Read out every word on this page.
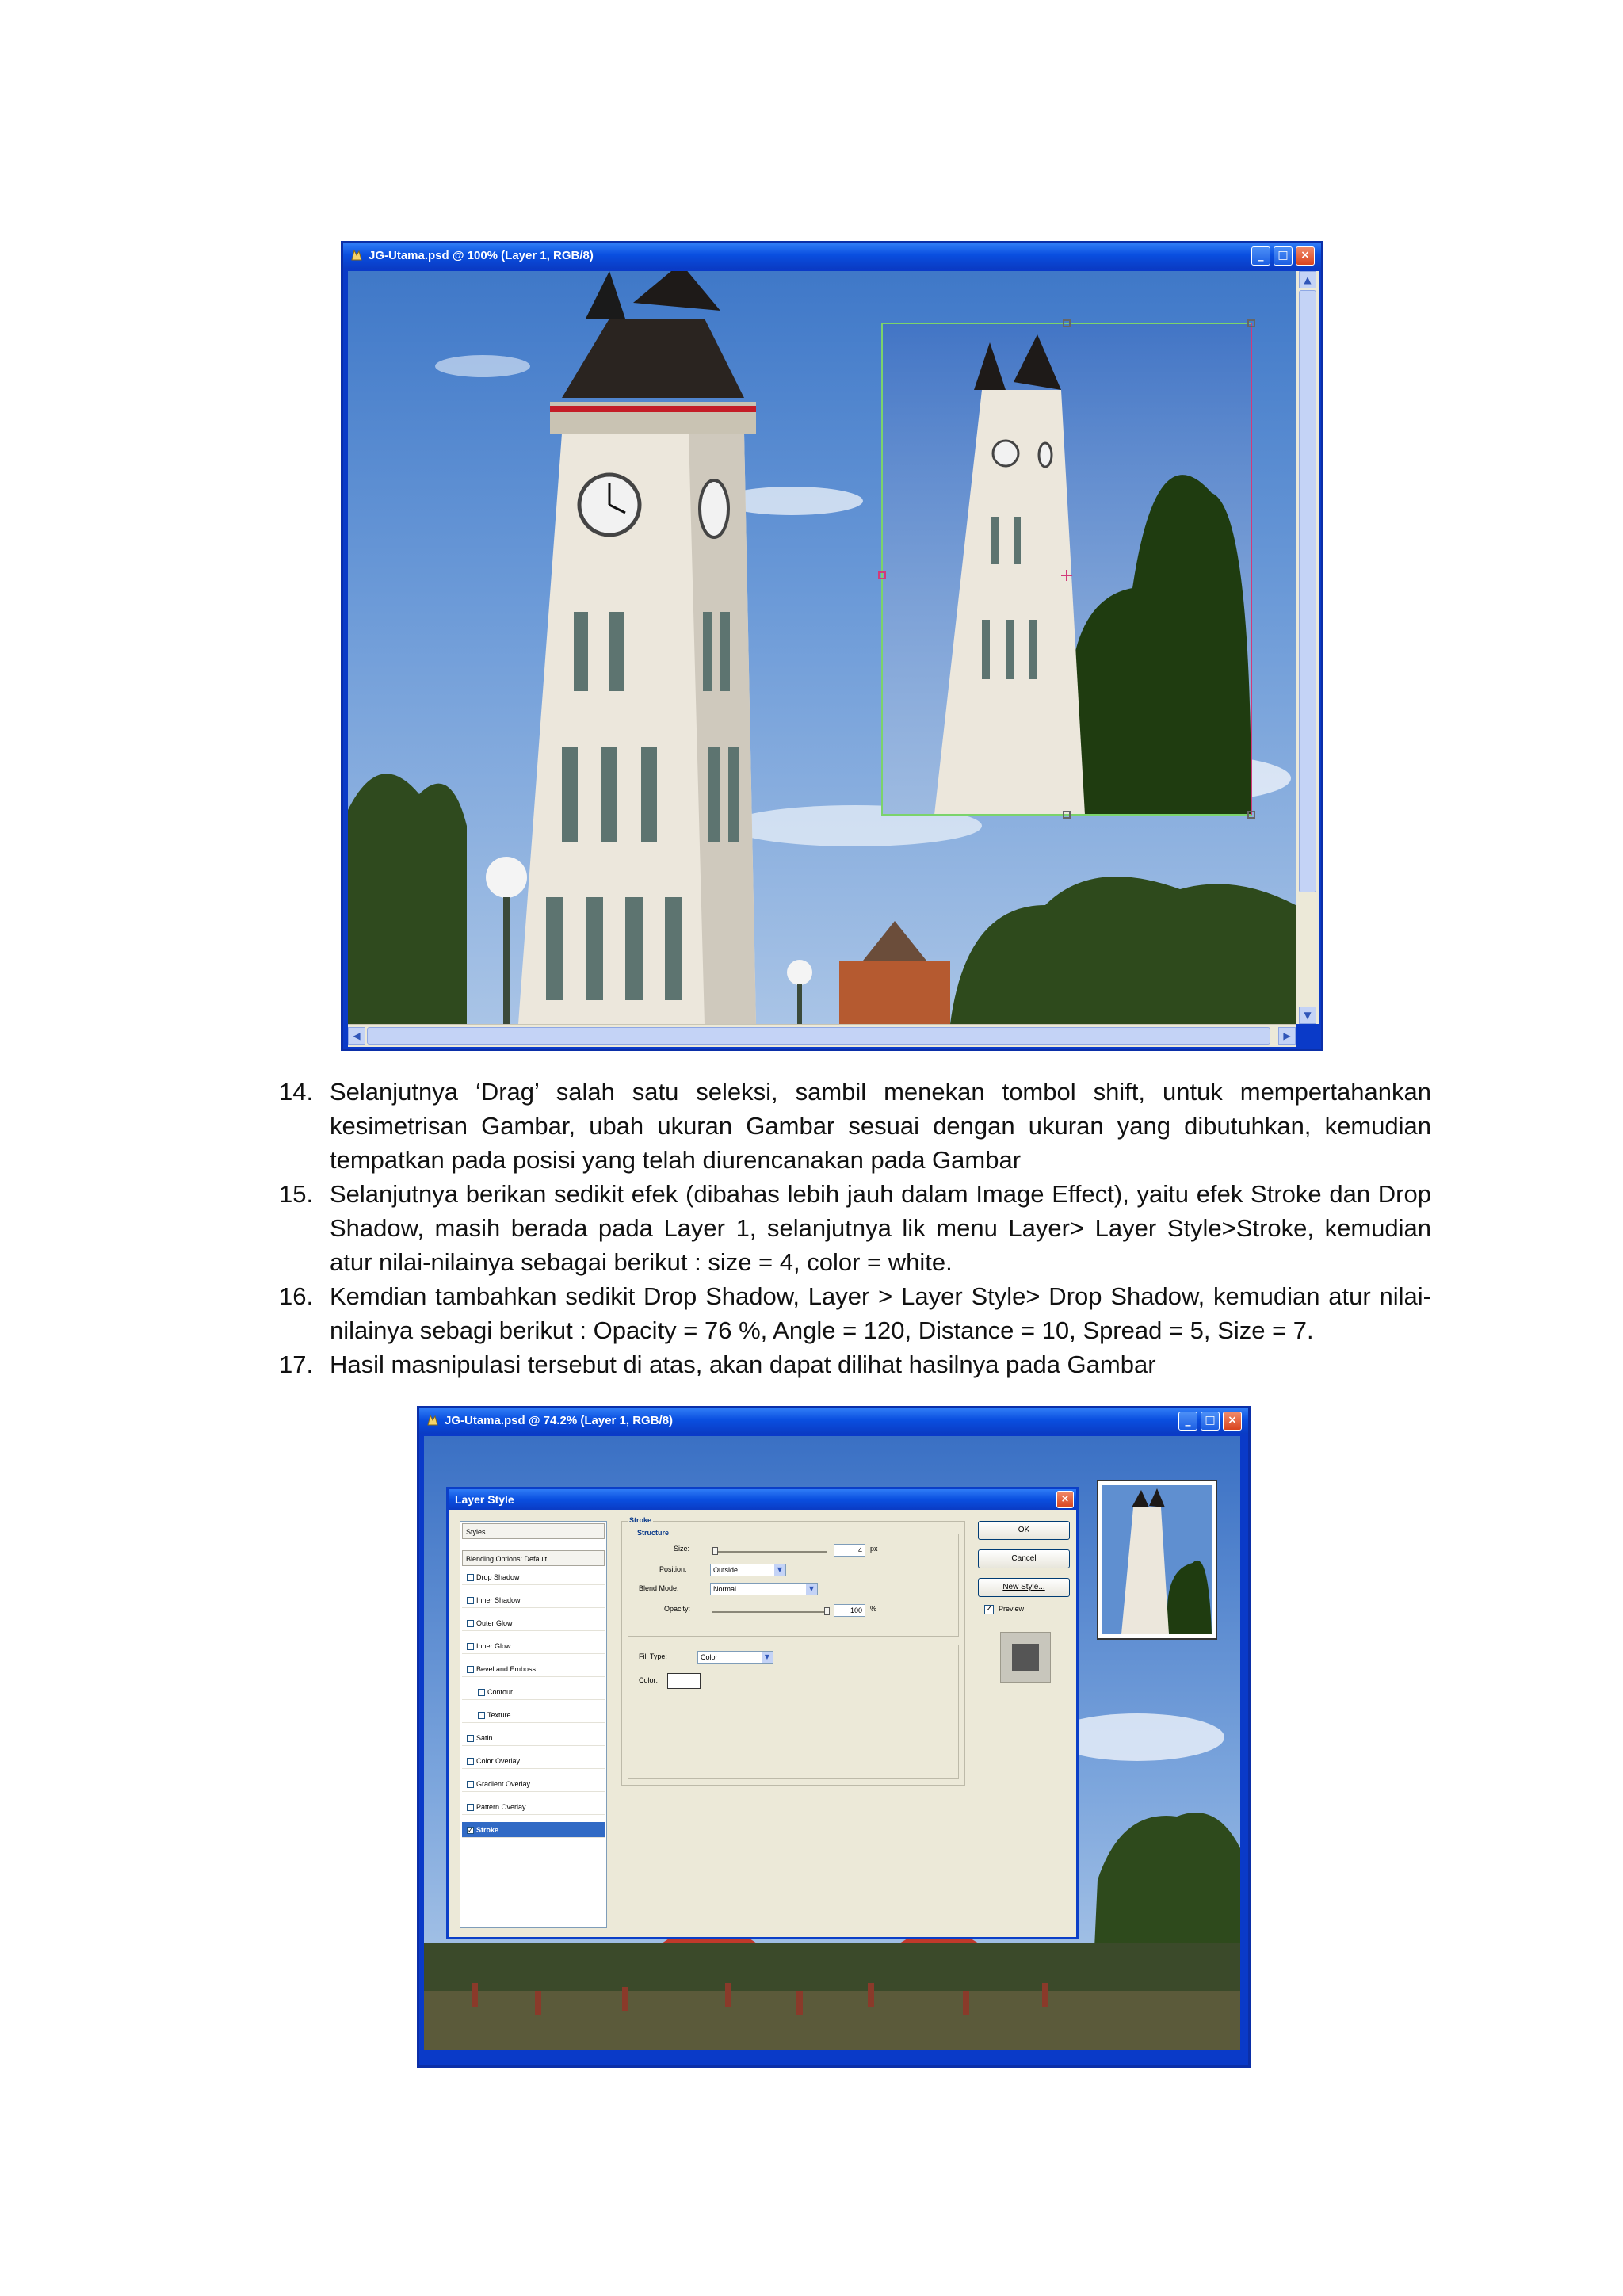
JG-Utama.psd @ 100% (Layer 1, RGB/8)	_	□	×
▲
▼
◀	▶
14. Selanjutnya ‘Drag’ salah satu seleksi, sambil menekan tombol shift, untuk mempertahankan kesimetrisan Gambar, ubah ukuran Gambar sesuai dengan ukuran yang dibutuhkan, kemudian tempatkan pada posisi yang telah diurencanakan pada Gambar
15. Selanjutnya berikan sedikit efek (dibahas lebih jauh dalam Image Effect), yaitu efek Stroke dan Drop Shadow, masih berada pada Layer 1, selanjutnya lik menu Layer> Layer Style>Stroke, kemudian atur nilai-nilainya sebagai berikut : size = 4, color = white.
16. Kemdian tambahkan sedikit Drop Shadow, Layer > Layer Style> Drop Shadow, kemudian atur nilai-nilainya sebagi berikut : Opacity = 76 %, Angle = 120, Distance = 10, Spread = 5, Size = 7.
17. Hasil masnipulasi tersebut di atas, akan dapat dilihat hasilnya pada Gambar
JG-Utama.psd @ 74.2% (Layer 1, RGB/8)	_	□	×
Layer Style	×
Styles
Blending Options: Default
Drop Shadow
Inner Shadow
Outer Glow
Inner Glow
Bevel and Emboss
Contour
Texture
Satin
Color Overlay
Gradient Overlay
Pattern Overlay
✓ Stroke
Stroke
Structure
Size:	4	px
Position:	Outside	▼
Blend Mode:	Normal	▼
Opacity:	100	%
Fill Type:	Color	▼
Color:
OK
Cancel
New Style...
✓ Preview
